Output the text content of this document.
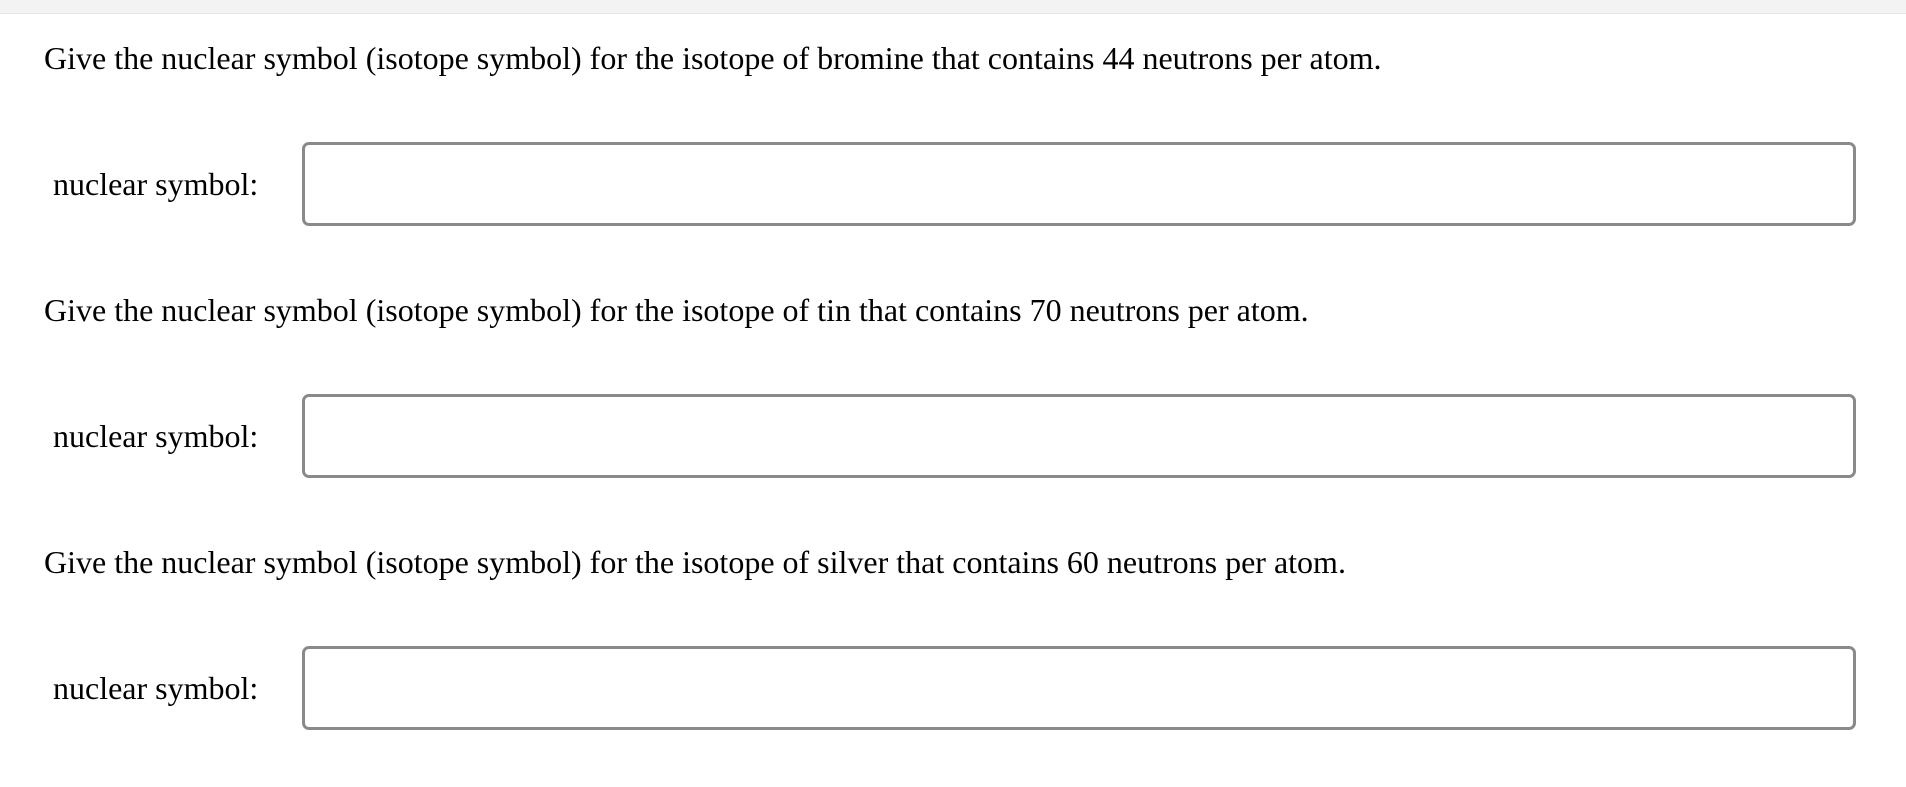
Give the nuclear symbol (isotope symbol) for the isotope of bromine that contains 44 neutrons per atom.
nuclear symbol:
Give the nuclear symbol (isotope symbol) for the isotope of tin that contains 70 neutrons per atom.
nuclear symbol:
Give the nuclear symbol (isotope symbol) for the isotope of silver that contains 60 neutrons per atom.
nuclear symbol:
